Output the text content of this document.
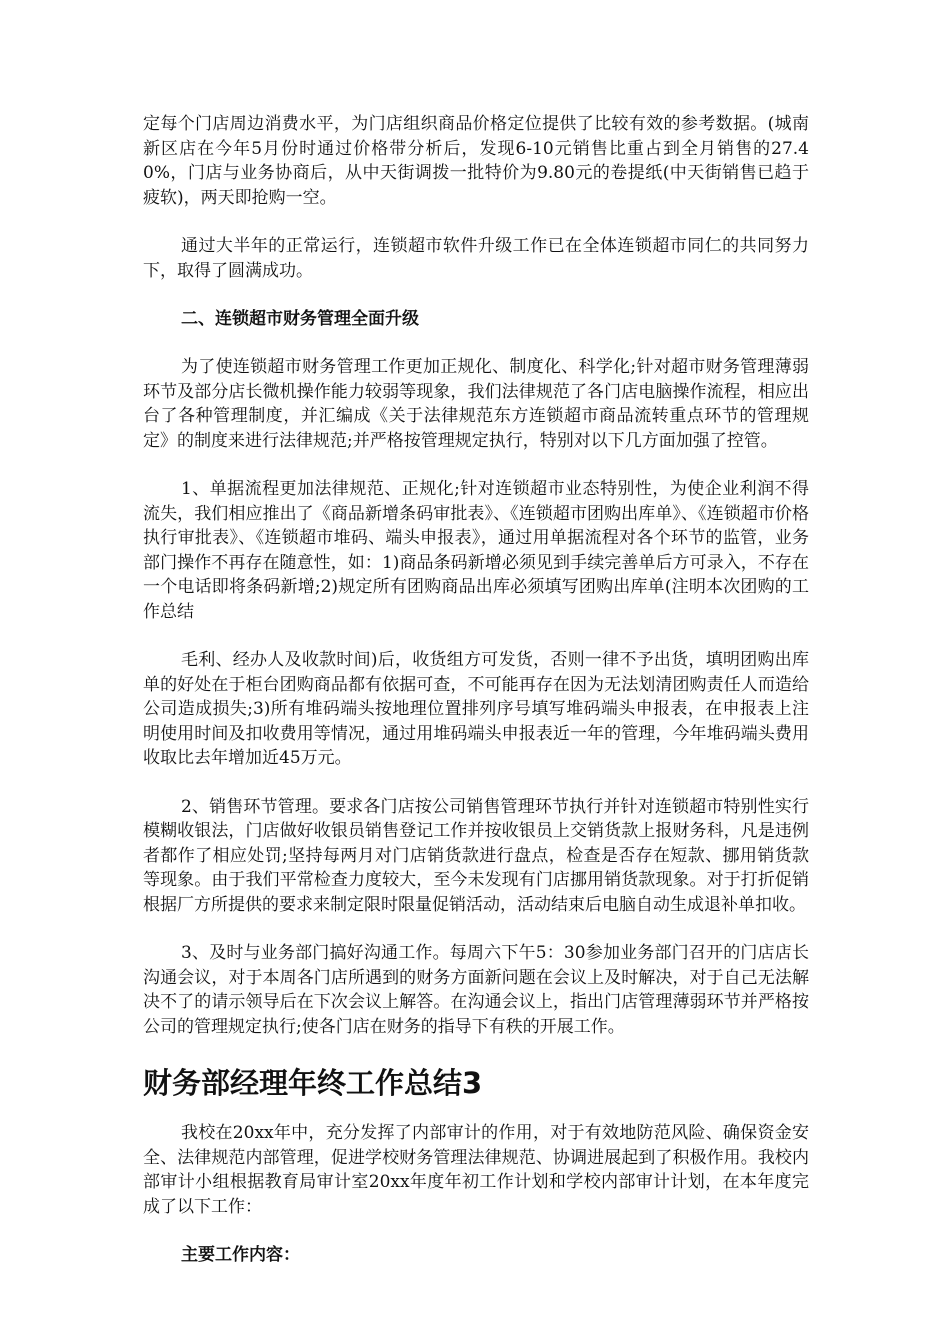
定每个门店周边消费水平，为门店组织商品价格定位提供了比较有效的参考数据。(城南新区店在今年5月份时通过价格带分析后，发现6-10元销售比重占到全月销售的27.40%，门店与业务协商后，从中天街调拨一批特价为9.80元的卷提纸(中天街销售已趋于疲软)，两天即抢购一空。

通过大半年的正常运行，连锁超市软件升级工作已在全体连锁超市同仁的共同努力下，取得了圆满成功。

二、连锁超市财务管理全面升级

为了使连锁超市财务管理工作更加正规化、制度化、科学化;针对超市财务管理薄弱环节及部分店长微机操作能力较弱等现象，我们法律规范了各门店电脑操作流程，相应出台了各种管理制度，并汇编成《关于法律规范东方连锁超市商品流转重点环节的管理规定》的制度来进行法律规范;并严格按管理规定执行，特别对以下几方面加强了控管。

1、单据流程更加法律规范、正规化;针对连锁超市业态特别性，为使企业利润不得流失，我们相应推出了《商品新增条码审批表》、《连锁超市团购出库单》、《连锁超市价格执行审批表》、《连锁超市堆码、端头申报表》，通过用单据流程对各个环节的监管，业务部门操作不再存在随意性，如：1)商品条码新增必须见到手续完善单后方可录入，不存在一个电话即将条码新增;2)规定所有团购商品出库必须填写团购出库单(注明本次团购的工作总结

毛利、经办人及收款时间)后，收货组方可发货，否则一律不予出货，填明团购出库单的好处在于柜台团购商品都有依据可查，不可能再存在因为无法划清团购责任人而造给公司造成损失;3)所有堆码端头按地理位置排列序号填写堆码端头申报表，在申报表上注明使用时间及扣收费用等情况，通过用堆码端头申报表近一年的管理，今年堆码端头费用收取比去年增加近45万元。

2、销售环节管理。要求各门店按公司销售管理环节执行并针对连锁超市特别性实行模糊收银法，门店做好收银员销售登记工作并按收银员上交销货款上报财务科，凡是违例者都作了相应处罚;坚持每两月对门店销货款进行盘点，检查是否存在短款、挪用销货款等现象。由于我们平常检查力度较大，至今未发现有门店挪用销货款现象。对于打折促销根据厂方所提供的要求来制定限时限量促销活动，活动结束后电脑自动生成退补单扣收。

3、及时与业务部门搞好沟通工作。每周六下午5：30参加业务部门召开的门店店长沟通会议，对于本周各门店所遇到的财务方面新问题在会议上及时解决，对于自己无法解决不了的请示领导后在下次会议上解答。在沟通会议上，指出门店管理薄弱环节并严格按公司的管理规定执行;使各门店在财务的指导下有秩的开展工作。

财务部经理年终工作总结3

我校在20xx年中，充分发挥了内部审计的作用，对于有效地防范风险、确保资金安全、法律规范内部管理，促进学校财务管理法律规范、协调进展起到了积极作用。我校内部审计小组根据教育局审计室20xx年度年初工作计划和学校内部审计计划，在本年度完成了以下工作：

主要工作内容：
